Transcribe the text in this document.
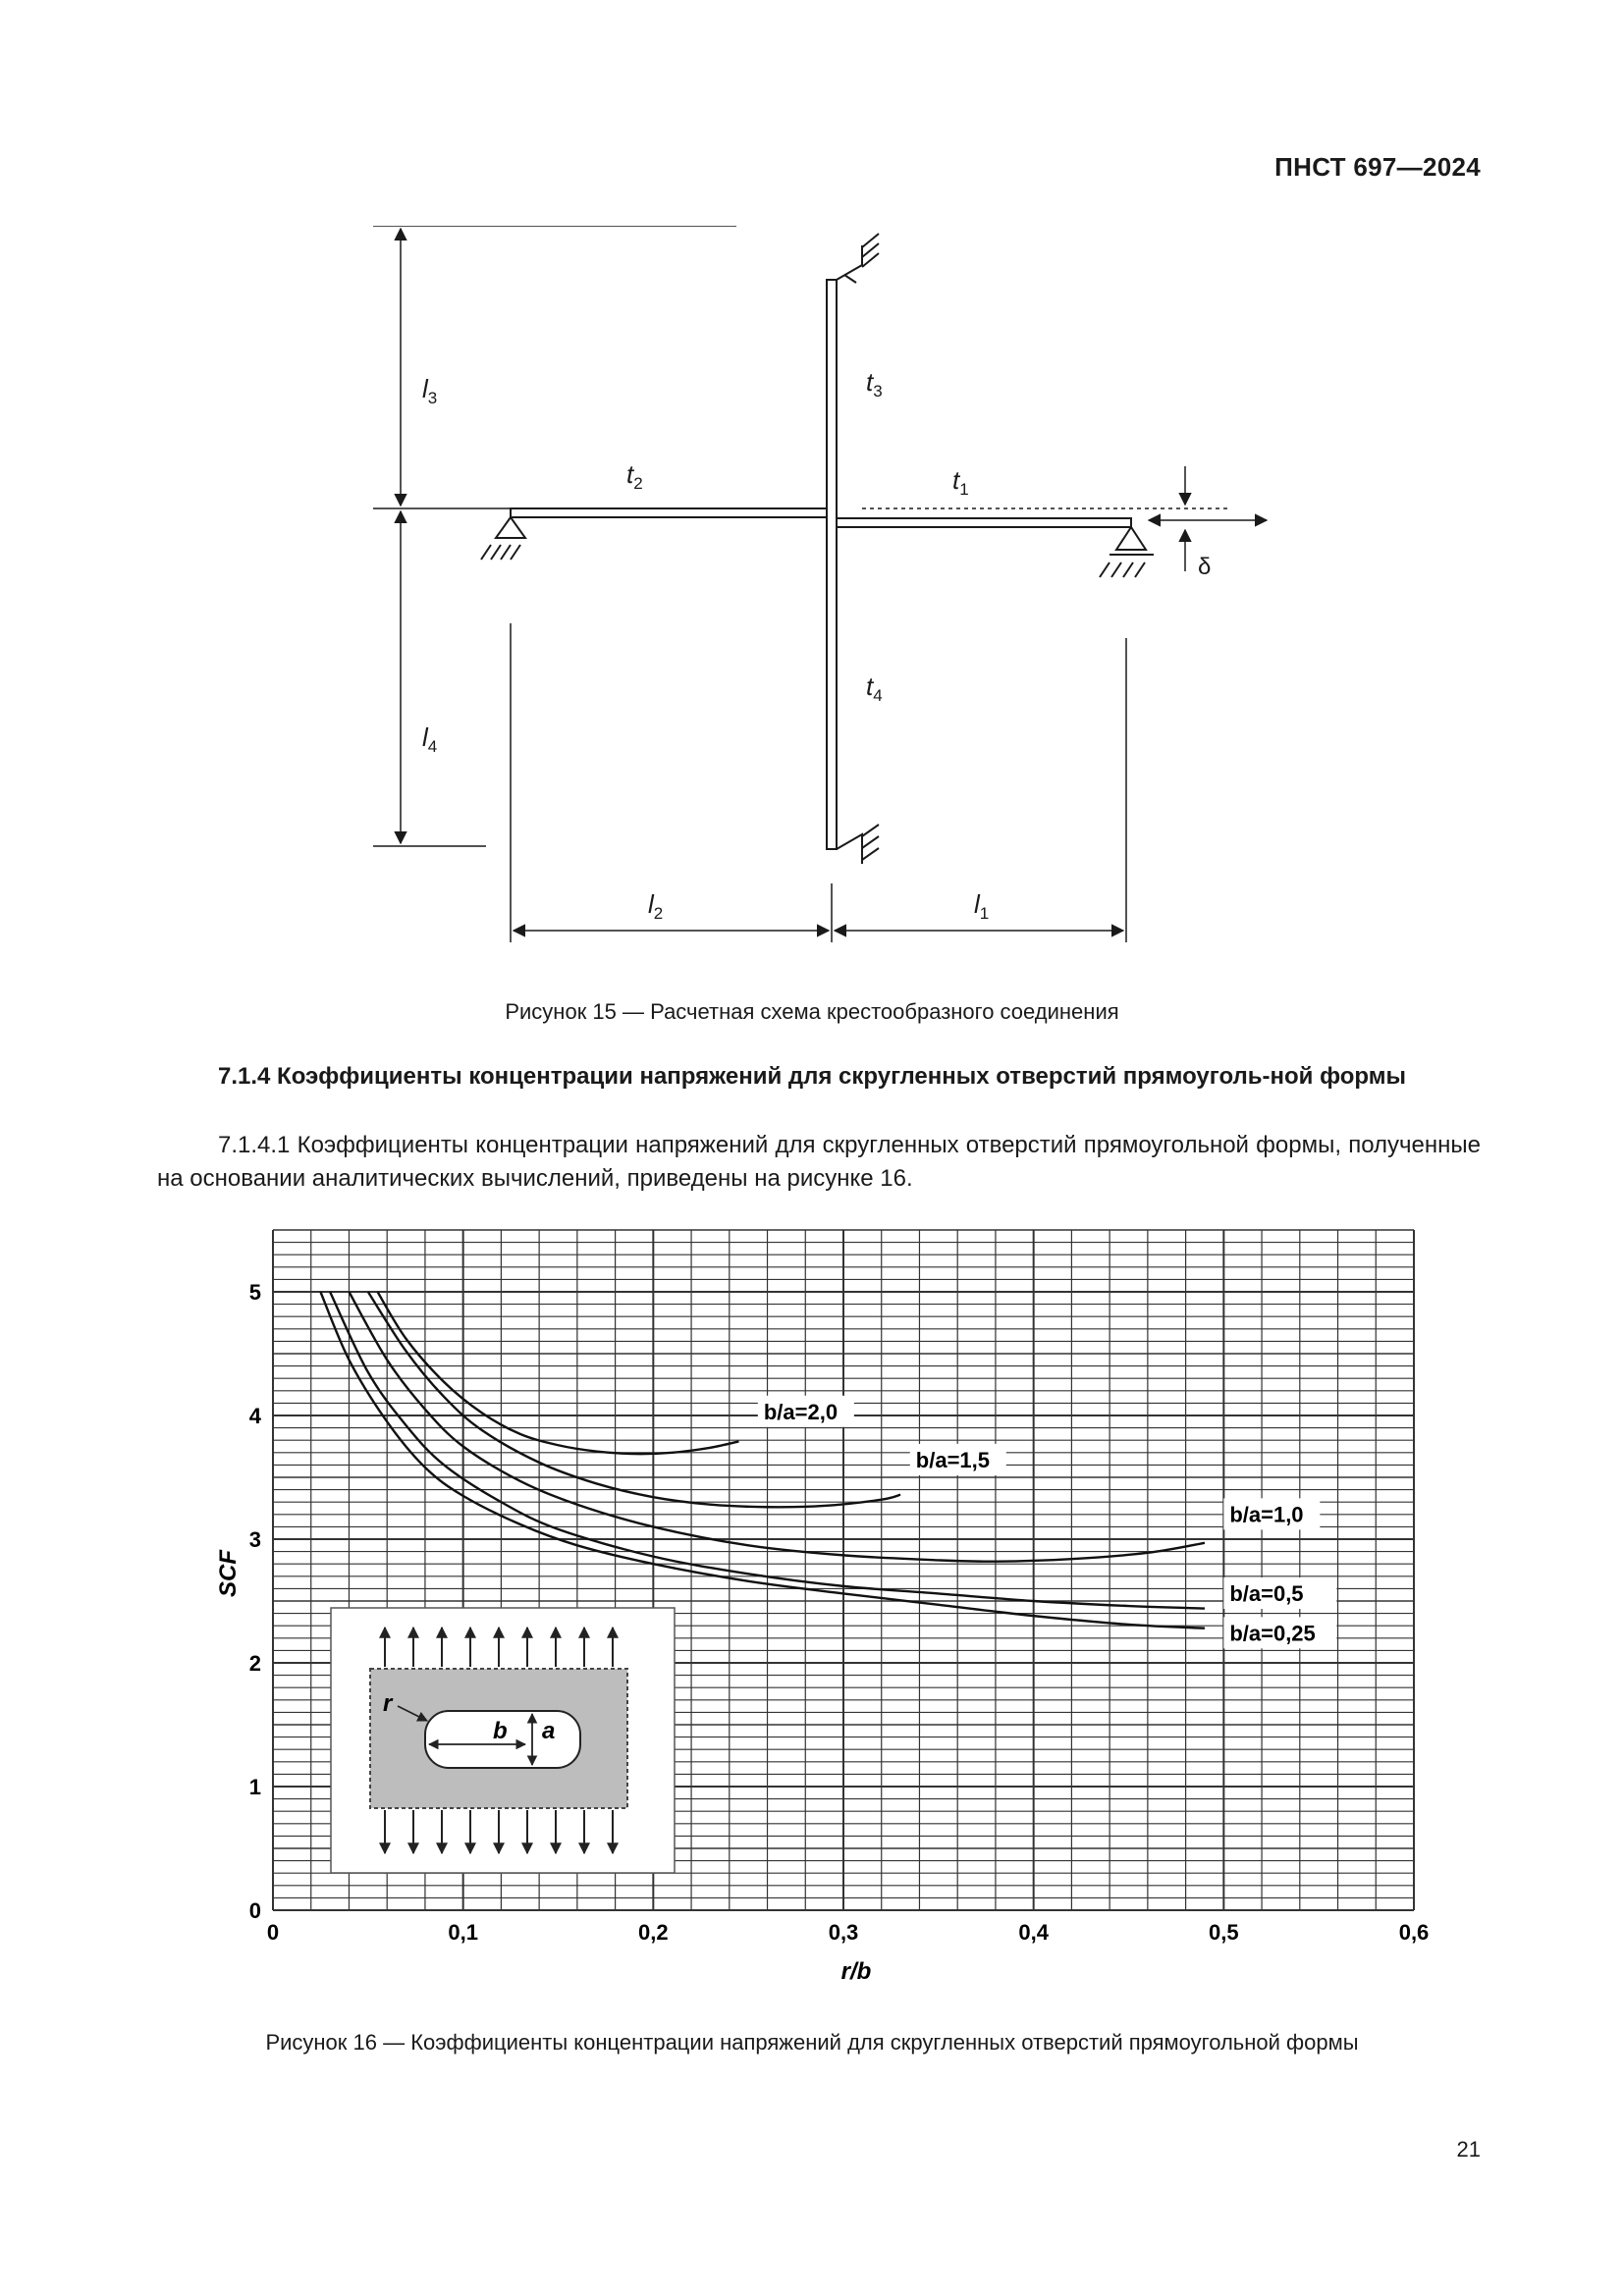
ПНСТ 697—2024
$l_3$
$l_4$
$l_2$	$l_1$
$t_2$	$t_1$
$t_3$
$t_4$
δ
Рисунок 15 — Расчетная схема крестообразного соединения
7.1.4 Коэффициенты концентрации напряжений для скругленных отверстий прямоуголь-ной формы
7.1.4.1 Коэффициенты концентрации напряжений для скругленных отверстий прямоугольной формы, полученные на основании аналитических вычислений, приведены на рисунке 16.
r
b a
0	0,1	0,2	0,3	0,4	0,5	0,6
0
1
2
3
4
5
b/a=2,0
b/a=1,5
b/a=1,0
b/a=0,5
b/a=0,25
SCF
r/b
Рисунок 16 — Коэффициенты концентрации напряжений для скругленных отверстий прямоугольной формы
21
